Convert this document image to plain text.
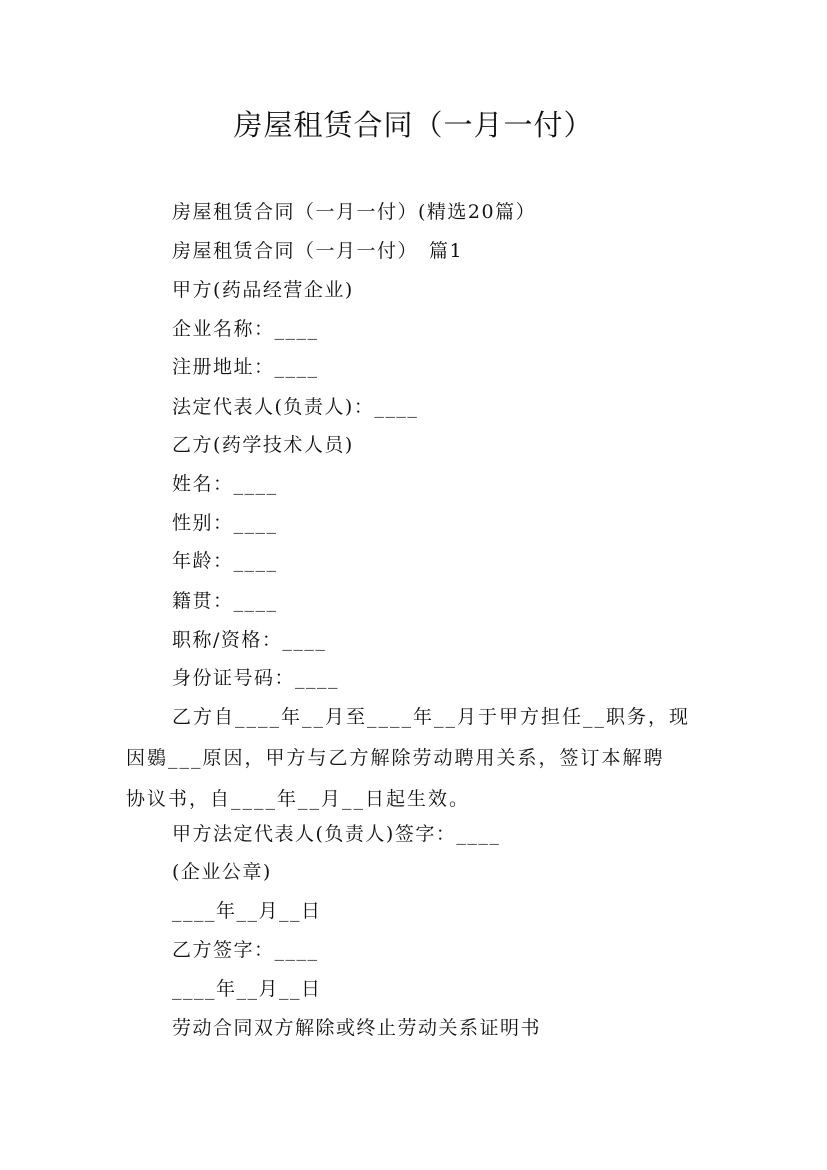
房屋租赁合同（一月一付）
房屋租赁合同（一月一付）(精选20篇）
房屋租赁合同（一月一付）　篇1
甲方(药品经营企业)
企业名称：____
注册地址：____
法定代表人(负责人)：____
乙方(药学技术人员)
姓名：____
性别：____
年龄：____
籍贯：____
职称/资格：____
身份证号码：____
乙方自____年__月至____年__月于甲方担任__职务，现
因鷃___原因，甲方与乙方解除劳动聘用关系，签订本解聘
协议书，自____年__月__日起生效。
甲方法定代表人(负责人)签字：____
(企业公章)
____年__月__日
乙方签字：____
____年__月__日
劳动合同双方解除或终止劳动关系证明书
